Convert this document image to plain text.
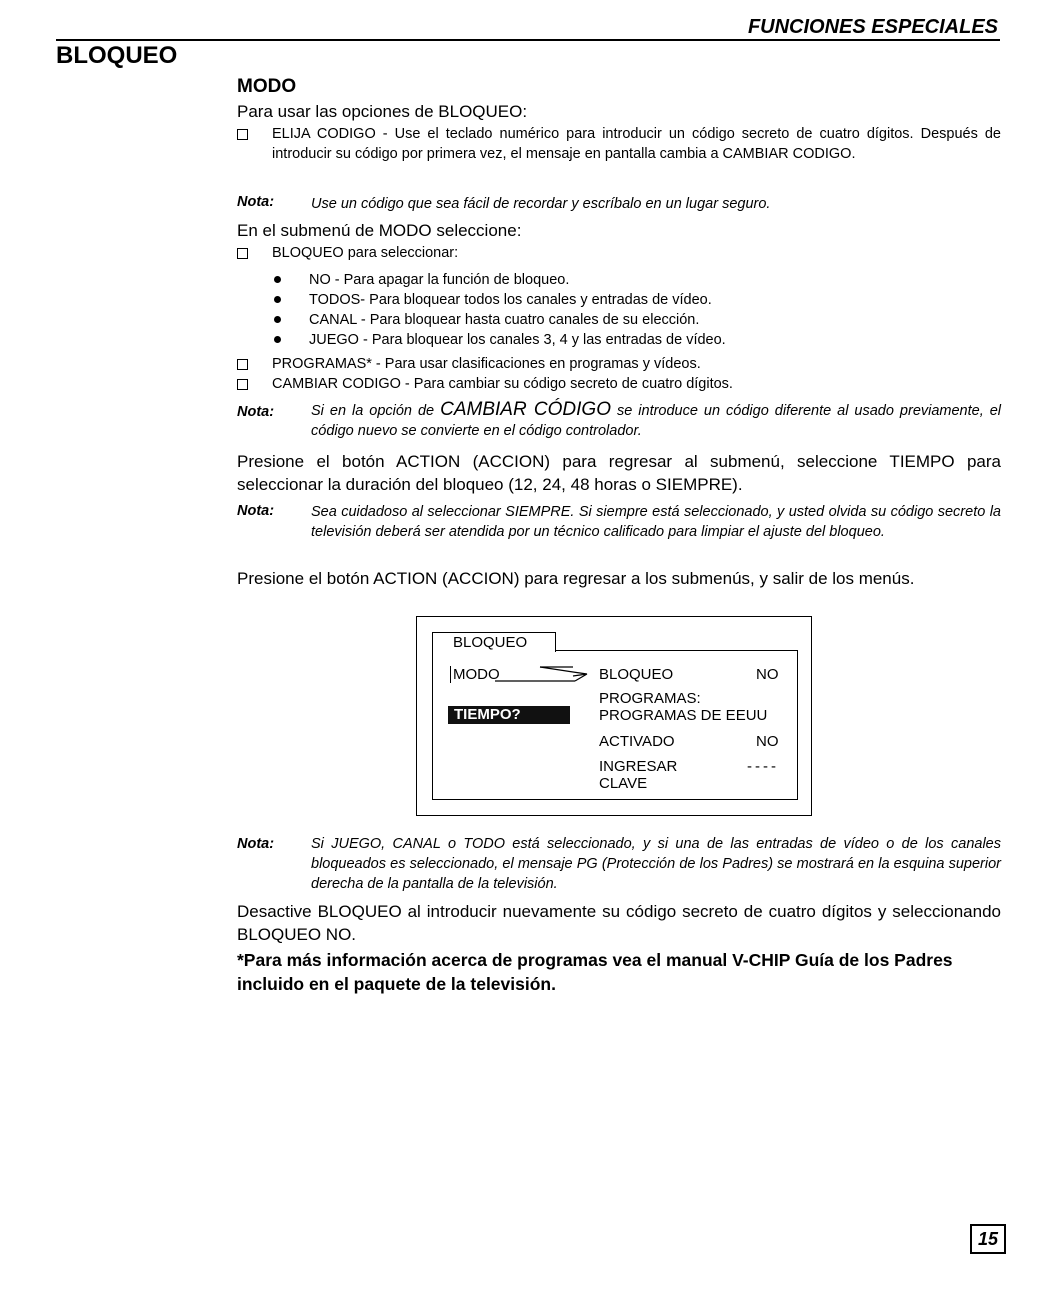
FUNCIONES ESPECIALES
BLOQUEO
MODO
Para usar las opciones de BLOQUEO:
ELIJA CODIGO - Use el teclado numérico para introducir un código secreto de cuatro dígitos. Después de introducir su código por primera vez, el mensaje en pantalla cambia a CAMBIAR CODIGO.
Nota:	Use un código que sea fácil de recordar y escríbalo en un lugar seguro.
En el submenú de MODO seleccione:
BLOQUEO para seleccionar:
NO - Para apagar la función de bloqueo.
TODOS- Para bloquear todos los canales y entradas de vídeo.
CANAL - Para bloquear hasta cuatro canales de su elección.
JUEGO - Para bloquear los canales 3, 4 y las entradas de vídeo.
PROGRAMAS* - Para usar clasificaciones en programas y vídeos.
CAMBIAR CODIGO - Para cambiar su código secreto de cuatro dígitos.
Nota:	Si en la opción de CAMBIAR CÓDIGO se introduce un código diferente al usado previamente, el código nuevo se convierte en el código controlador.
Presione el botón ACTION (ACCION) para regresar al submenú, seleccione TIEMPO para seleccionar la duración del bloqueo (12, 24, 48 horas o SIEMPRE).
Nota:	Sea cuidadoso al seleccionar SIEMPRE. Si siempre está seleccionado, y usted olvida su código secreto la televisión deberá ser atendida por un técnico calificado para limpiar el ajuste del bloqueo.
Presione el botón ACTION (ACCION) para regresar a los submenús, y salir de los menús.
BLOQUEO
MODO
TIEMPO?
BLOQUEO	NO
PROGRAMAS:
PROGRAMAS DE EEUU
ACTIVADO	NO
INGRESAR	----
CLAVE
Nota:	Si JUEGO, CANAL o TODO está seleccionado, y si una de las entradas de vídeo o de los canales bloqueados es seleccionado, el mensaje PG (Protección de los Padres) se mostrará en la esquina superior derecha de la pantalla de la televisión.
Desactive BLOQUEO al introducir nuevamente su código secreto de cuatro dígitos y seleccionando BLOQUEO NO.
*Para más información acerca de programas vea el manual V-CHIP Guía de los Padres incluido en el paquete de la televisión.
15
